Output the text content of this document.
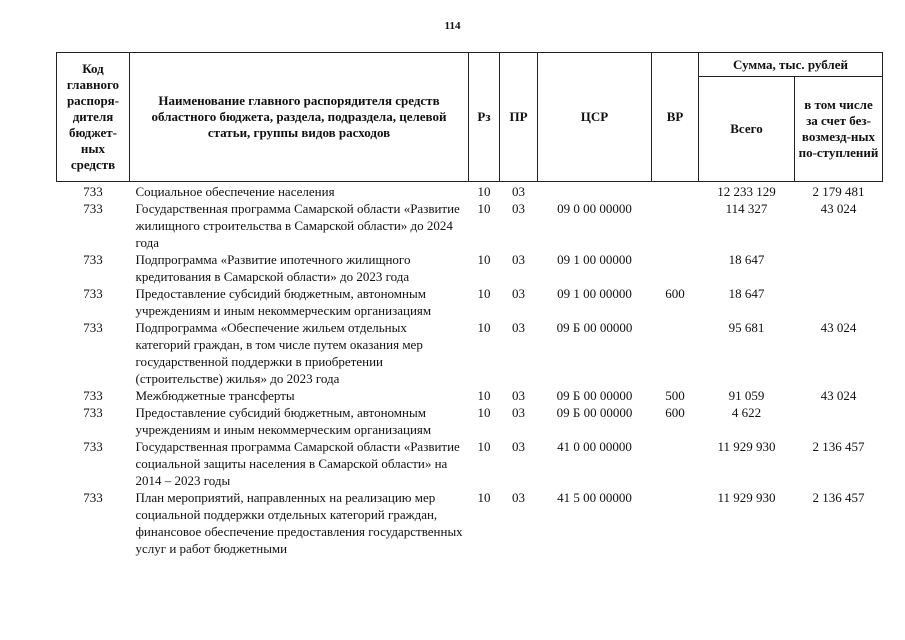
114
Код главного распоря-дителя бюджет-ных средств	Наименование главного распорядителя средств областного бюджета, раздела, подраздела, целевой статьи, группы видов расходов	Рз	ПР	ЦСР	ВР	Сумма, тыс. рублей	
						Всего	в том числе за счет без-возмезд-ных по-ступлений
733	Социальное обеспечение населения	10	03			12 233 129	2 179 481
733	Государственная программа Самарской области «Развитие жилищного строительства в Самарской области» до 2024 года	10	03	09 0 00 00000		114 327	43 024
733	Подпрограмма «Развитие ипотечного жилищного кредитования в Самарской области» до 2023 года	10	03	09 1 00 00000		18 647	
733	Предоставление субсидий бюджетным, автономным учреждениям и иным некоммерческим организациям	10	03	09 1 00 00000	600	18 647	
733	Подпрограмма «Обеспечение жильем отдельных категорий граждан, в том числе путем оказания мер государственной поддержки в приобретении (строительстве) жилья» до 2023 года	10	03	09 Б 00 00000		95 681	43 024
733	Межбюджетные трансферты	10	03	09 Б 00 00000	500	91 059	43 024
733	Предоставление субсидий бюджетным, автономным учреждениям и иным некоммерческим организациям	10	03	09 Б 00 00000	600	4 622	
733	Государственная программа Самарской области «Развитие социальной защиты населения в Самарской области» на 2014 – 2023 годы	10	03	41 0 00 00000		11 929 930	2 136 457
733	План мероприятий, направленных на реализацию мер социальной поддержки отдельных категорий граждан, финансовое обеспечение предоставления государственных услуг и работ бюджетными	10	03	41 5 00 00000		11 929 930	2 136 457
